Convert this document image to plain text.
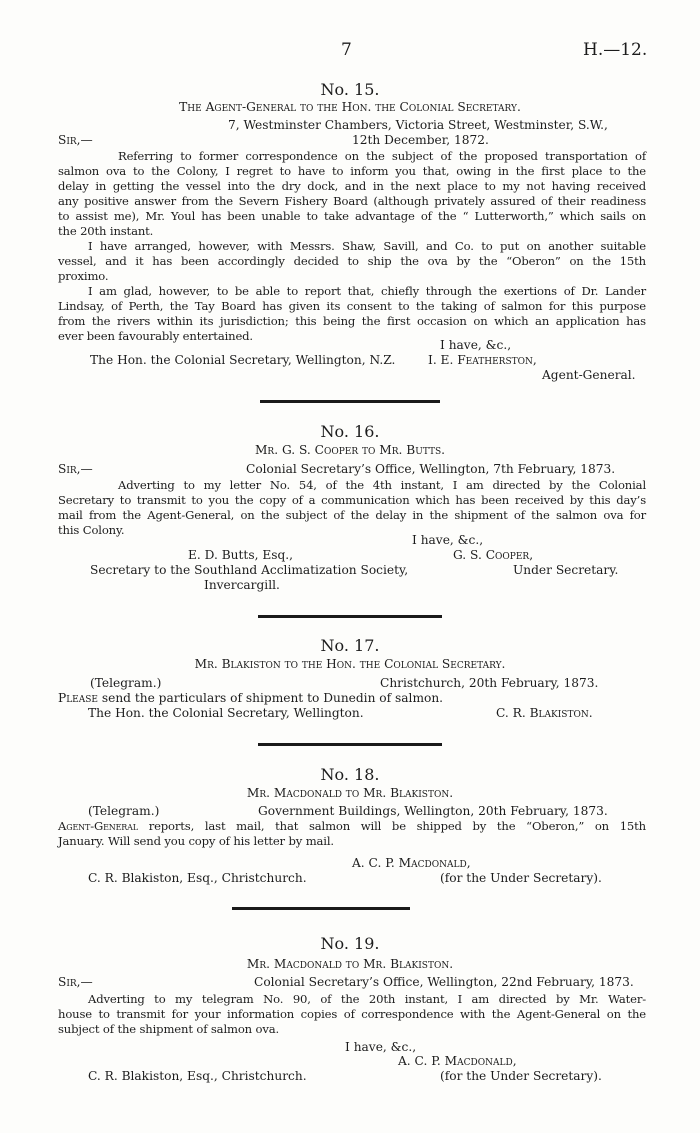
7	H.—12.
No. 15.
The Agent-General to the Hon. the Colonial Secretary.
7, Westminster Chambers, Victoria Street, Westminster, S.W.,
Sir,—	12th December, 1872.
Referring to former correspondence on the subject of the proposed transportation of
salmon ova to the Colony, I regret to have to inform you that, owing in the first place to the
delay in getting the vessel into the dry dock, and in the next place to my not having received
any positive answer from the Severn Fishery Board (although privately assured of their readiness
to assist me), Mr. Youl has been unable to take advantage of the “ Lutterworth,” which sails on
the 20th instant.
I have arranged, however, with Messrs. Shaw, Savill, and Co. to put on another suitable
vessel, and it has been accordingly decided to ship the ova by the “Oberon” on the 15th
proximo.
I am glad, however, to be able to report that, chiefly through the exertions of Dr. Lander
Lindsay, of Perth, the Tay Board has given its consent to the taking of salmon for this purpose
from the rivers within its jurisdiction; this being the first occasion on which an application has
ever been favourably entertained.
I have, &c.,
The Hon. the Colonial Secretary, Wellington, N.Z.	I. E. Featherston,
Agent-General.
No. 16.
Mr. G. S. Cooper to Mr. Butts.
Sir,—	Colonial Secretary’s Office, Wellington, 7th February, 1873.
Adverting to my letter No. 54, of the 4th instant, I am directed by the Colonial
Secretary to transmit to you the copy of a communication which has been received by this day’s
mail from the Agent-General, on the subject of the delay in the shipment of the salmon ova for
this Colony.
I have, &c.,
E. D. Butts, Esq.,	G. S. Cooper,
Secretary to the Southland Acclimatization Society,	Under Secretary.
Invercargill.
No. 17.
Mr. Blakiston to the Hon. the Colonial Secretary.
(Telegram.)	Christchurch, 20th February, 1873.
Please send the particulars of shipment to Dunedin of salmon.
The Hon. the Colonial Secretary, Wellington.	C. R. Blakiston.
No. 18.
Mr. Macdonald to Mr. Blakiston.
(Telegram.)	Government Buildings, Wellington, 20th February, 1873.
Agent-General reports, last mail, that salmon will be shipped by the “Oberon,” on 15th
January. Will send you copy of his letter by mail.
A. C. P. Macdonald,
C. R. Blakiston, Esq., Christchurch.	(for the Under Secretary).
No. 19.
Mr. Macdonald to Mr. Blakiston.
Sir,—	Colonial Secretary’s Office, Wellington, 22nd February, 1873.
Adverting to my telegram No. 90, of the 20th instant, I am directed by Mr. Water-
house to transmit for your information copies of correspondence with the Agent-General on the
subject of the shipment of salmon ova.
I have, &c.,
A. C. P. Macdonald,
C. R. Blakiston, Esq., Christchurch.	(for the Under Secretary).
